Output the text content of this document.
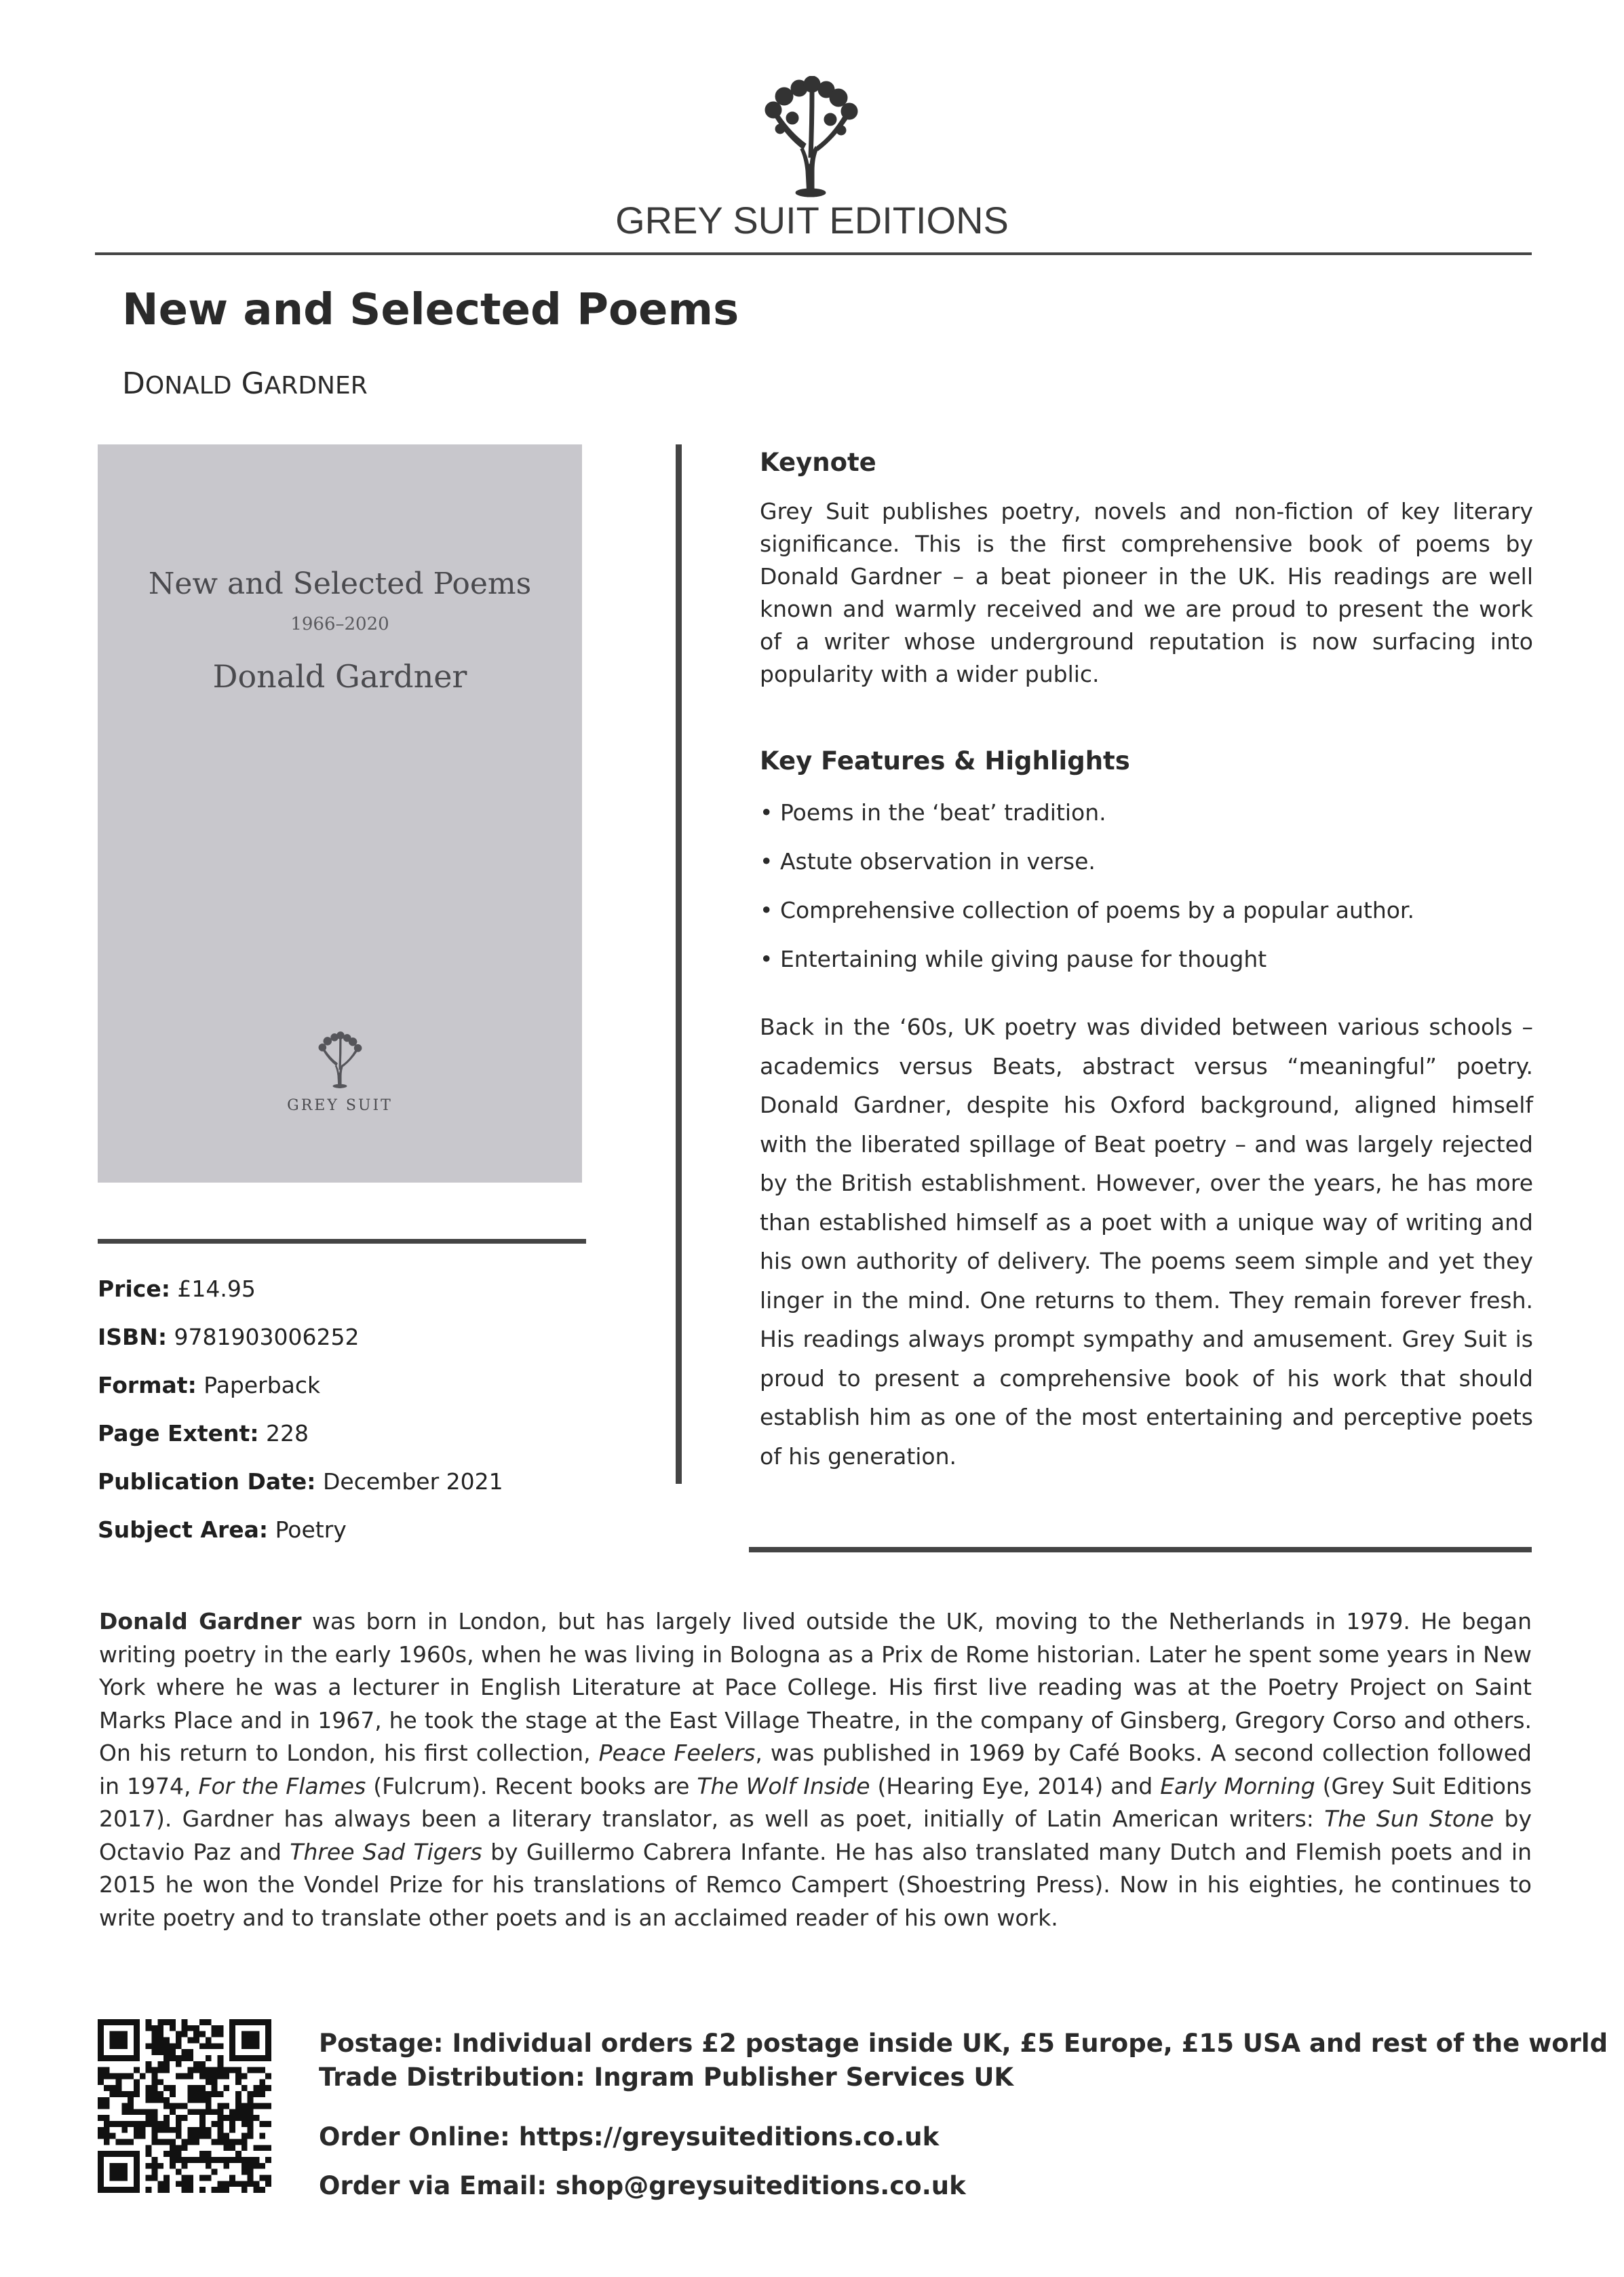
GREY SUIT EDITIONS
New and Selected Poems
DONALD GARDNER
New and Selected Poems
1966–2020
Donald Gardner
GREY SUIT
Price: £14.95
ISBN: 9781903006252
Format: Paperback
Page Extent: 228
Publication Date: December 2021
Subject Area: Poetry
Keynote
Grey Suit publishes poetry, novels and non-fiction of key literary significance. This is the first comprehensive book of poems by Donald Gardner – a beat pioneer in the UK. His readings are well known and warmly received and we are proud to present the work of a writer whose underground reputation is now surfacing into popularity with a wider public.
Key Features & Highlights
• Poems in the ‘beat’ tradition.
• Astute observation in verse.
• Comprehensive collection of poems by a popular author.
• Entertaining while giving pause for thought
Back in the ‘60s, UK poetry was divided between various schools – academics versus Beats, abstract versus “meaningful” poetry. Donald Gardner, despite his Oxford background, aligned himself with the liberated spillage of Beat poetry – and was largely rejected by the British establishment. However, over the years, he has more than established himself as a poet with a unique way of writing and his own authority of delivery. The poems seem simple and yet they linger in the mind. One returns to them. They remain forever fresh. His readings always prompt sympathy and amusement. Grey Suit is proud to present a comprehensive book of his work that should establish him as one of the most entertaining and perceptive poets of his generation.
Donald Gardner was born in London, but has largely lived outside the UK, moving to the Netherlands in 1979. He began writing poetry in the early 1960s, when he was living in Bologna as a Prix de Rome historian. Later he spent some years in New York where he was a lecturer in English Literature at Pace College. His first live reading was at the Poetry Project on Saint Marks Place and in 1967, he took the stage at the East Village Theatre, in the company of Ginsberg, Gregory Corso and others. On his return to London, his first collection, Peace Feelers, was published in 1969 by Café Books. A second collection followed in 1974, For the Flames (Fulcrum). Recent books are The Wolf Inside (Hearing Eye, 2014) and Early Morning (Grey Suit Editions 2017). Gardner has always been a literary translator, as well as poet, initially of Latin American writers: The Sun Stone by Octavio Paz and Three Sad Tigers by Guillermo Cabrera Infante. He has also translated many Dutch and Flemish poets and in 2015 he won the Vondel Prize for his translations of Remco Campert (Shoestring Press). Now in his eighties, he continues to write poetry and to translate other poets and is an acclaimed reader of his own work.
Postage: Individual orders £2 postage inside UK, £5 Europe, £15 USA and rest of the world
Trade Distribution: Ingram Publisher Services UK
Order Online: https://greysuiteditions.co.uk
Order via Email: shop@greysuiteditions.co.uk
